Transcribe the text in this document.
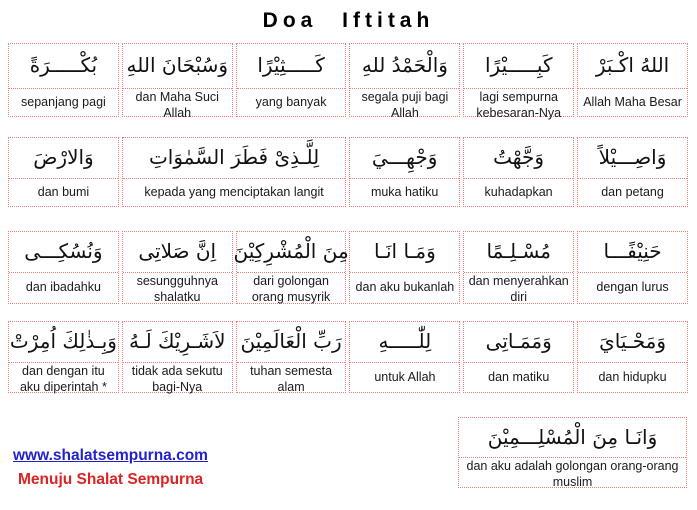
Doa Iftitah
بُكْـــــرَةً
sepanjang pagi
وَسُبْحَانَ اللهِ
dan Maha Suci Allah
كَـــــثِيْرًا
yang banyak
وَالْحَمْدُ للهِ
segala puji bagi Allah
كَبِـــــيْرًا
lagi sempurna kebesaran-Nya
اللهُ اكْـبَرْ
Allah Maha Besar
وَالارْضَ
dan bumi
لِلَّـذِىْ فَطَرَ السَّمٰوَاتِ
kepada yang menciptakan langit
وَجْهِـــيَ
muka hatiku
وَجَّهْتُ
kuhadapkan
وَاصِـــيْلاً
dan petang
وَنُسُكِـــى
dan ibadahku
اِنَّ صَلاتِى
sesungguhnya shalatku
مِنَ الْمُشْرِكِيْنَ
dari golongan orang musyrik
وَمَـا انَـا
dan aku bukanlah
مُسْـلِـمًا
dan menyerahkan diri
حَنِيْفًـــا
dengan lurus
وَبِـذٰلِكَ اُمِرْتْ
dan dengan itu aku diperintah *
لاَشَـرِيْكَ لَـهُ
tidak ada sekutu bagi-Nya
رَبِّ الْعَالَمِيْنَ
tuhan semesta alam
لِلّٰـــــهِ
untuk Allah
وَمَمَـاتِى
dan matiku
وَمَحْـيَايَ
dan hidupku
وَانَـا مِنَ الْمُسْلِـــمِيْنَ
dan aku adalah golongan orang-orang muslim
www.shalatsempurna.com
Menuju Shalat Sempurna
